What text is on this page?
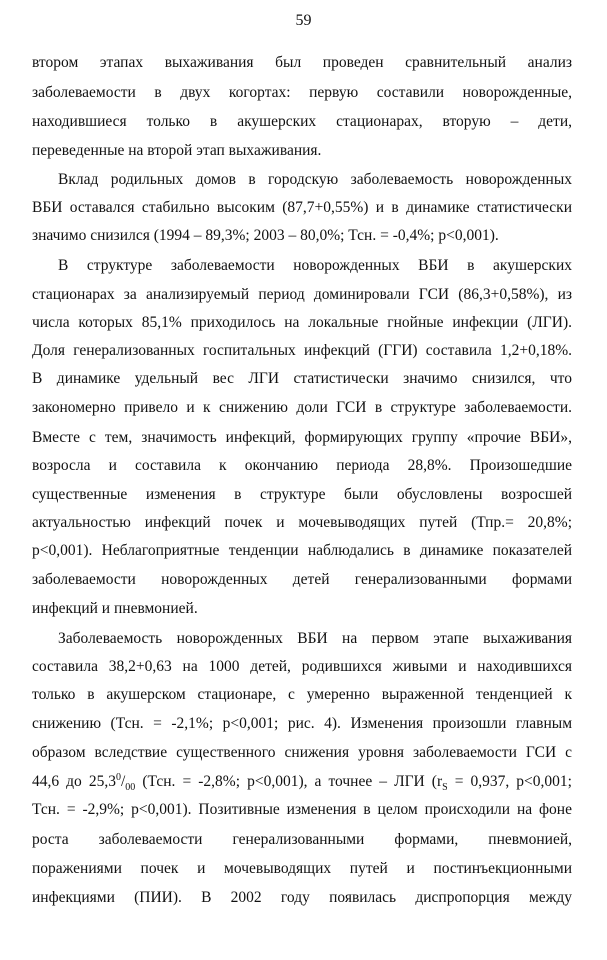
59
втором этапах выхаживания был проведен сравнительный анализ
заболеваемости в двух когортах: первую составили новорожденные,
находившиеся только в акушерских стационарах, вторую – дети,
переведенные на второй этап выхаживания.
Вклад родильных домов в городскую заболеваемость новорожденных
ВБИ оставался стабильно высоким (87,7+0,55%) и в динамике статистически
значимо снизился (1994 – 89,3%; 2003 – 80,0%; Тсн. = -0,4%; p<0,001).
В структуре заболеваемости новорожденных ВБИ в акушерских
стационарах за анализируемый период доминировали ГСИ (86,3+0,58%), из
числа которых 85,1% приходилось на локальные гнойные инфекции (ЛГИ).
Доля генерализованных госпитальных инфекций (ГГИ) составила 1,2+0,18%.
В динамике удельный вес ЛГИ статистически значимо снизился, что
закономерно привело и к снижению доли ГСИ в структуре заболеваемости.
Вместе с тем, значимость инфекций, формирующих группу «прочие ВБИ»,
возросла и составила к окончанию периода 28,8%. Произошедшие
существенные изменения в структуре были обусловлены возросшей
актуальностью инфекций почек и мочевыводящих путей (Тпр.= 20,8%;
p<0,001). Неблагоприятные тенденции наблюдались в динамике показателей
заболеваемости новорожденных детей генерализованными формами
инфекций и пневмонией.
Заболеваемость новорожденных ВБИ на первом этапе выхаживания
составила 38,2+0,63 на 1000 детей, родившихся живыми и находившихся
только в акушерском стационаре, с умеренно выраженной тенденцией к
снижению (Тсн. = -2,1%; p<0,001; рис. 4). Изменения произошли главным
образом вследствие существенного снижения уровня заболеваемости ГСИ с
44,6 до $25,3^0/_{00}$ (Тсн. = -2,8%; p<0,001), а точнее – ЛГИ ($r_S = 0,937$, p<0,001;
Тсн. = -2,9%; p<0,001). Позитивные изменения в целом происходили на фоне
роста заболеваемости генерализованными формами, пневмонией,
поражениями почек и мочевыводящих путей и постинъекционными
инфекциями (ПИИ). В 2002 году появилась диспропорция между
